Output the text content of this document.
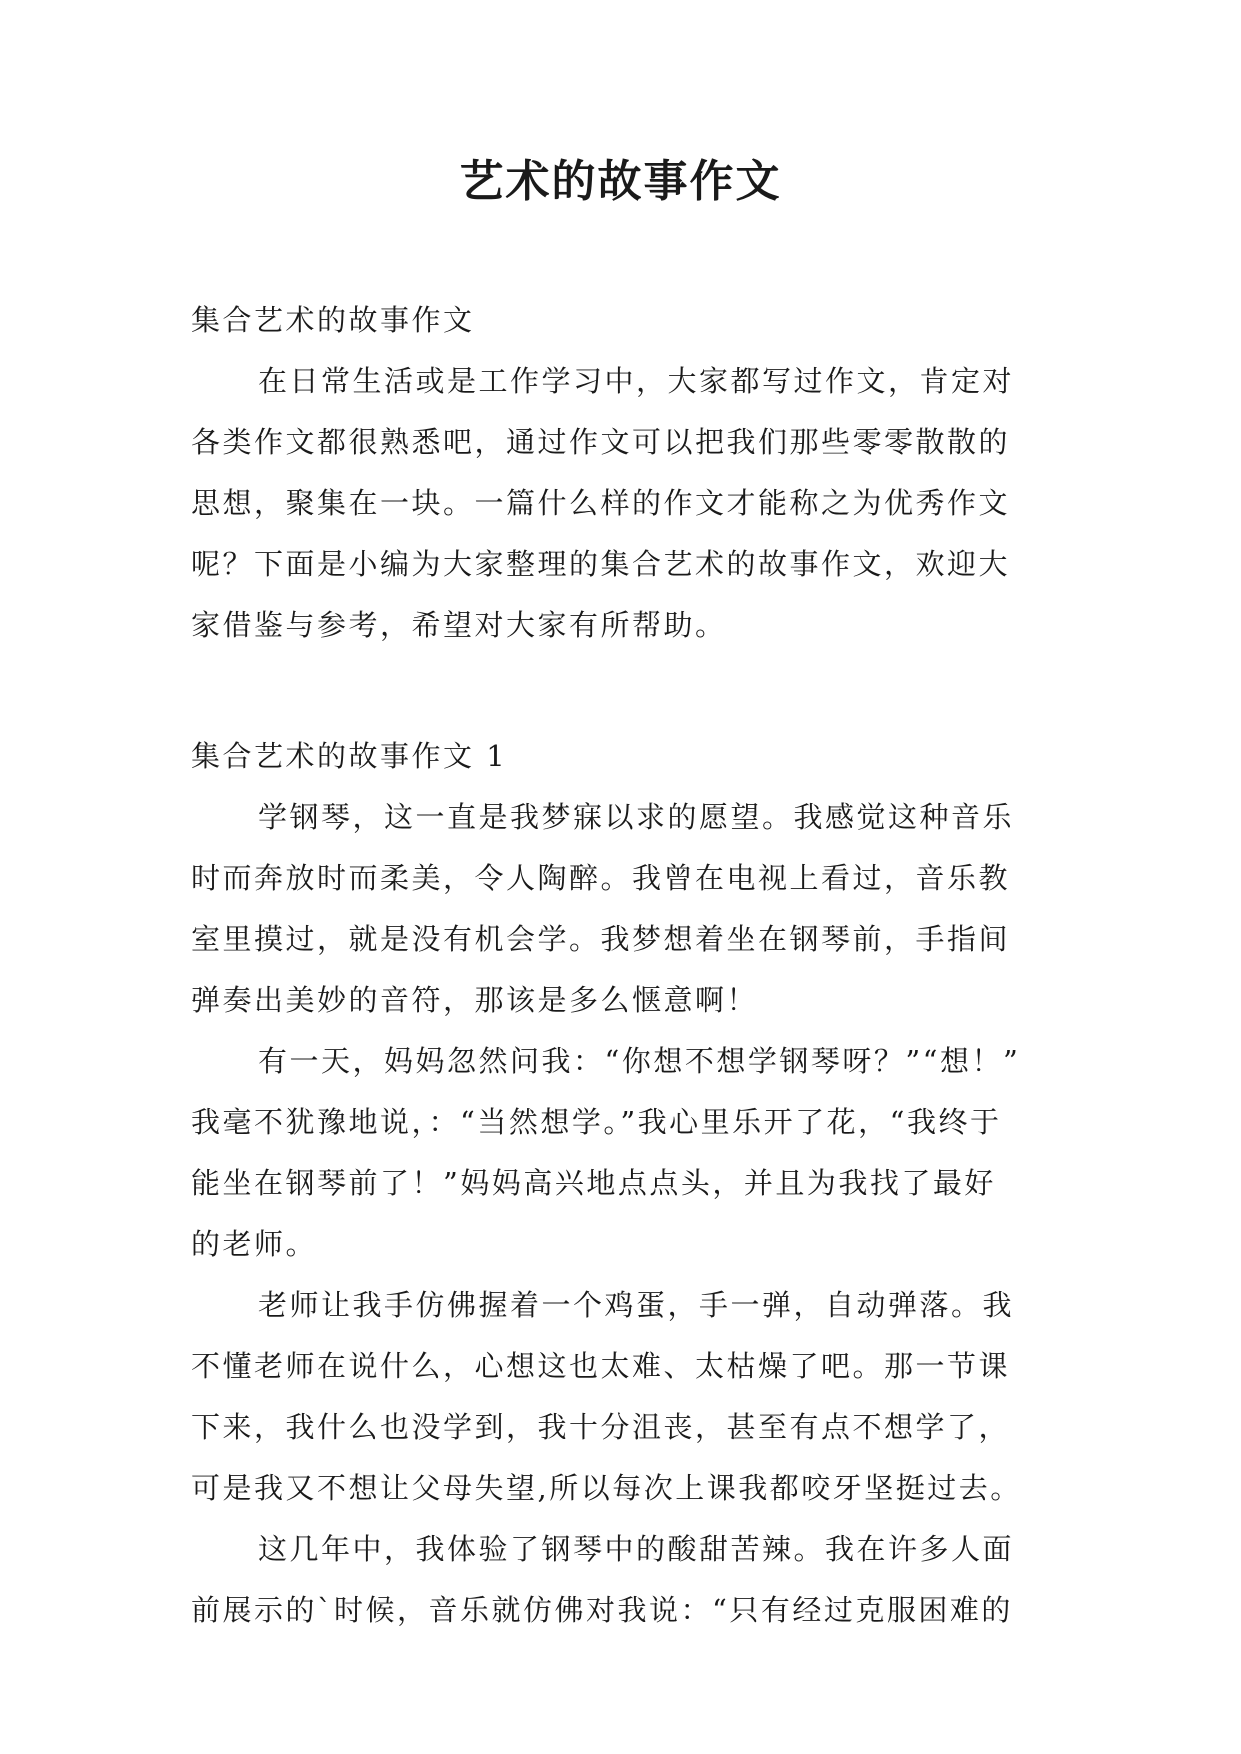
艺术的故事作文

集合艺术的故事作文

在日常生活或是工作学习中，大家都写过作文，肯定对

各类作文都很熟悉吧，通过作文可以把我们那些零零散散的

思想，聚集在一块。一篇什么样的作文才能称之为优秀作文

呢？下面是小编为大家整理的集合艺术的故事作文，欢迎大

家借鉴与参考，希望对大家有所帮助。

集合艺术的故事作文 1

学钢琴，这一直是我梦寐以求的愿望。我感觉这种音乐

时而奔放时而柔美，令人陶醉。我曾在电视上看过，音乐教

室里摸过，就是没有机会学。我梦想着坐在钢琴前，手指间

弹奏出美妙的音符，那该是多么惬意啊！

有一天，妈妈忽然问我：“你想不想学钢琴呀？”“想！”

我毫不犹豫地说，：“当然想学。”我心里乐开了花，“我终于

能坐在钢琴前了！”妈妈高兴地点点头，并且为我找了最好

的老师。

老师让我手仿佛握着一个鸡蛋，手一弹，自动弹落。我

不懂老师在说什么，心想这也太难、太枯燥了吧。那一节课

下来，我什么也没学到，我十分沮丧，甚至有点不想学了，

可是我又不想让父母失望,所以每次上课我都咬牙坚挺过去。

这几年中，我体验了钢琴中的酸甜苦辣。我在许多人面

前展示的`时候，音乐就仿佛对我说：“只有经过克服困难的
